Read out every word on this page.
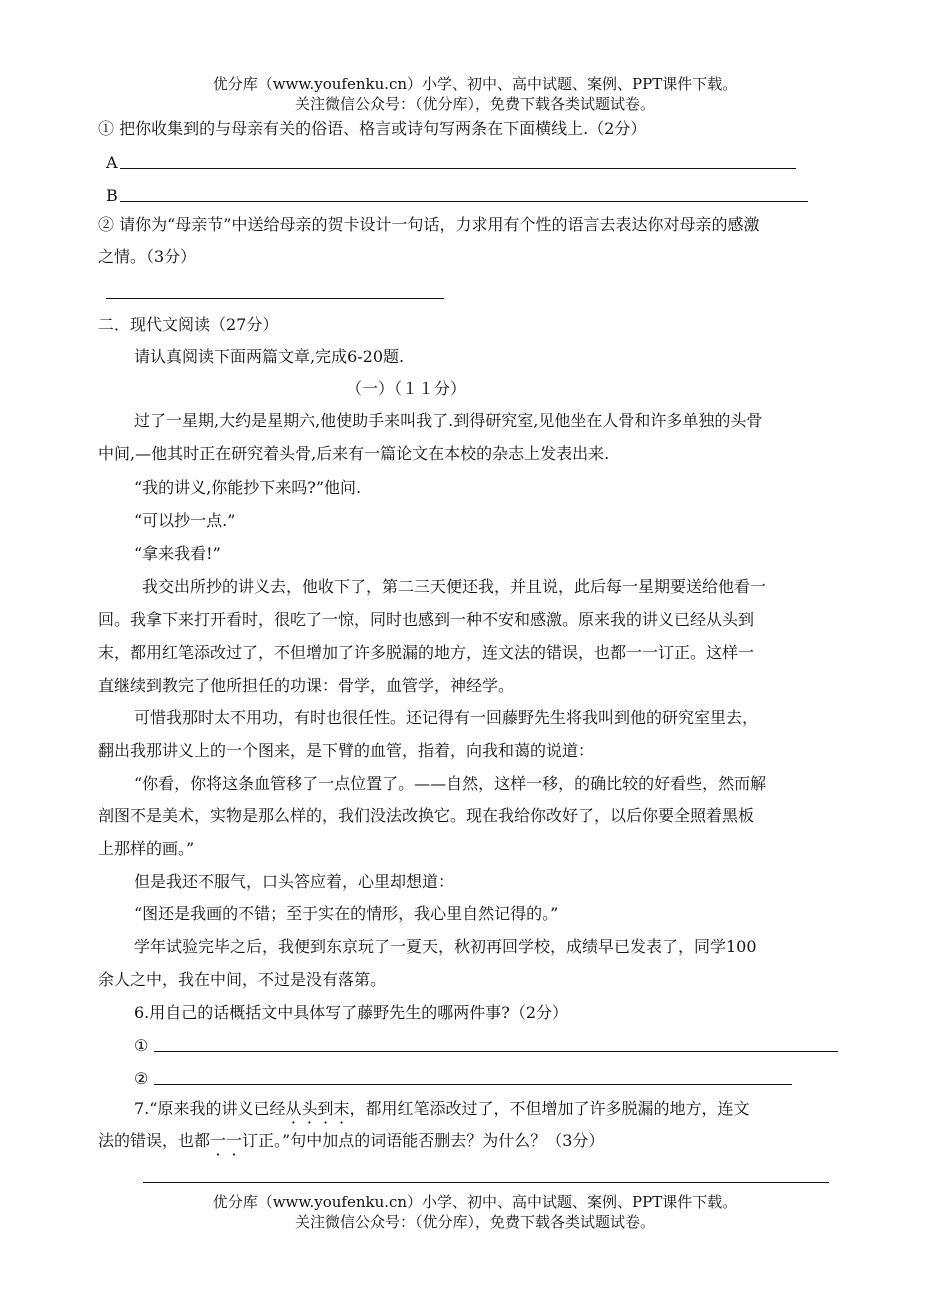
优分库（www.youfenku.cn）小学、初中、高中试题、案例、PPT课件下载。
关注微信公众号：（优分库），免费下载各类试题试卷。
① 把你收集到的与母亲有关的俗语、格言或诗句写两条在下面横线上.（2分）
A
B
② 请你为“母亲节”中送给母亲的贺卡设计一句话，力求用有个性的语言去表达你对母亲的感激
之情。（3分）
二．现代文阅读（27分）
请认真阅读下面两篇文章,完成6-20题.
（一）（１１分）
过了一星期,大约是星期六,他使助手来叫我了.到得研究室,见他坐在人骨和许多单独的头骨
中间,—他其时正在研究着头骨,后来有一篇论文在本校的杂志上发表出来.
“我的讲义,你能抄下来吗?”他问.
“可以抄一点.”
“拿来我看!”
我交出所抄的讲义去，他收下了，第二三天便还我，并且说，此后每一星期要送给他看一
回。我拿下来打开看时，很吃了一惊，同时也感到一种不安和感激。原来我的讲义已经从头到
末，都用红笔添改过了，不但增加了许多脱漏的地方，连文法的错误，也都一一订正。这样一
直继续到教完了他所担任的功课：骨学，血管学，神经学。
可惜我那时太不用功，有时也很任性。还记得有一回藤野先生将我叫到他的研究室里去，
翻出我那讲义上的一个图来，是下臂的血管，指着，向我和蔼的说道：
“你看，你将这条血管移了一点位置了。——自然，这样一移，的确比较的好看些，然而解
剖图不是美术，实物是那么样的，我们没法改换它。现在我给你改好了，以后你要全照着黑板
上那样的画。”
但是我还不服气，口头答应着，心里却想道：
“图还是我画的不错；至于实在的情形，我心里自然记得的。”
学年试验完毕之后，我便到东京玩了一夏天，秋初再回学校，成绩早已发表了，同学100
余人之中，我在中间，不过是没有落第。
6.用自己的话概括文中具体写了藤野先生的哪两件事?（2分）
①
②
7.“原来我的讲义已经从头到末，都用红笔添改过了，不但增加了许多脱漏的地方，连文
法的错误，也都一一订正。”句中加点的词语能否删去？为什么？（3分）
优分库（www.youfenku.cn）小学、初中、高中试题、案例、PPT课件下载。
关注微信公众号：（优分库），免费下载各类试题试卷。
